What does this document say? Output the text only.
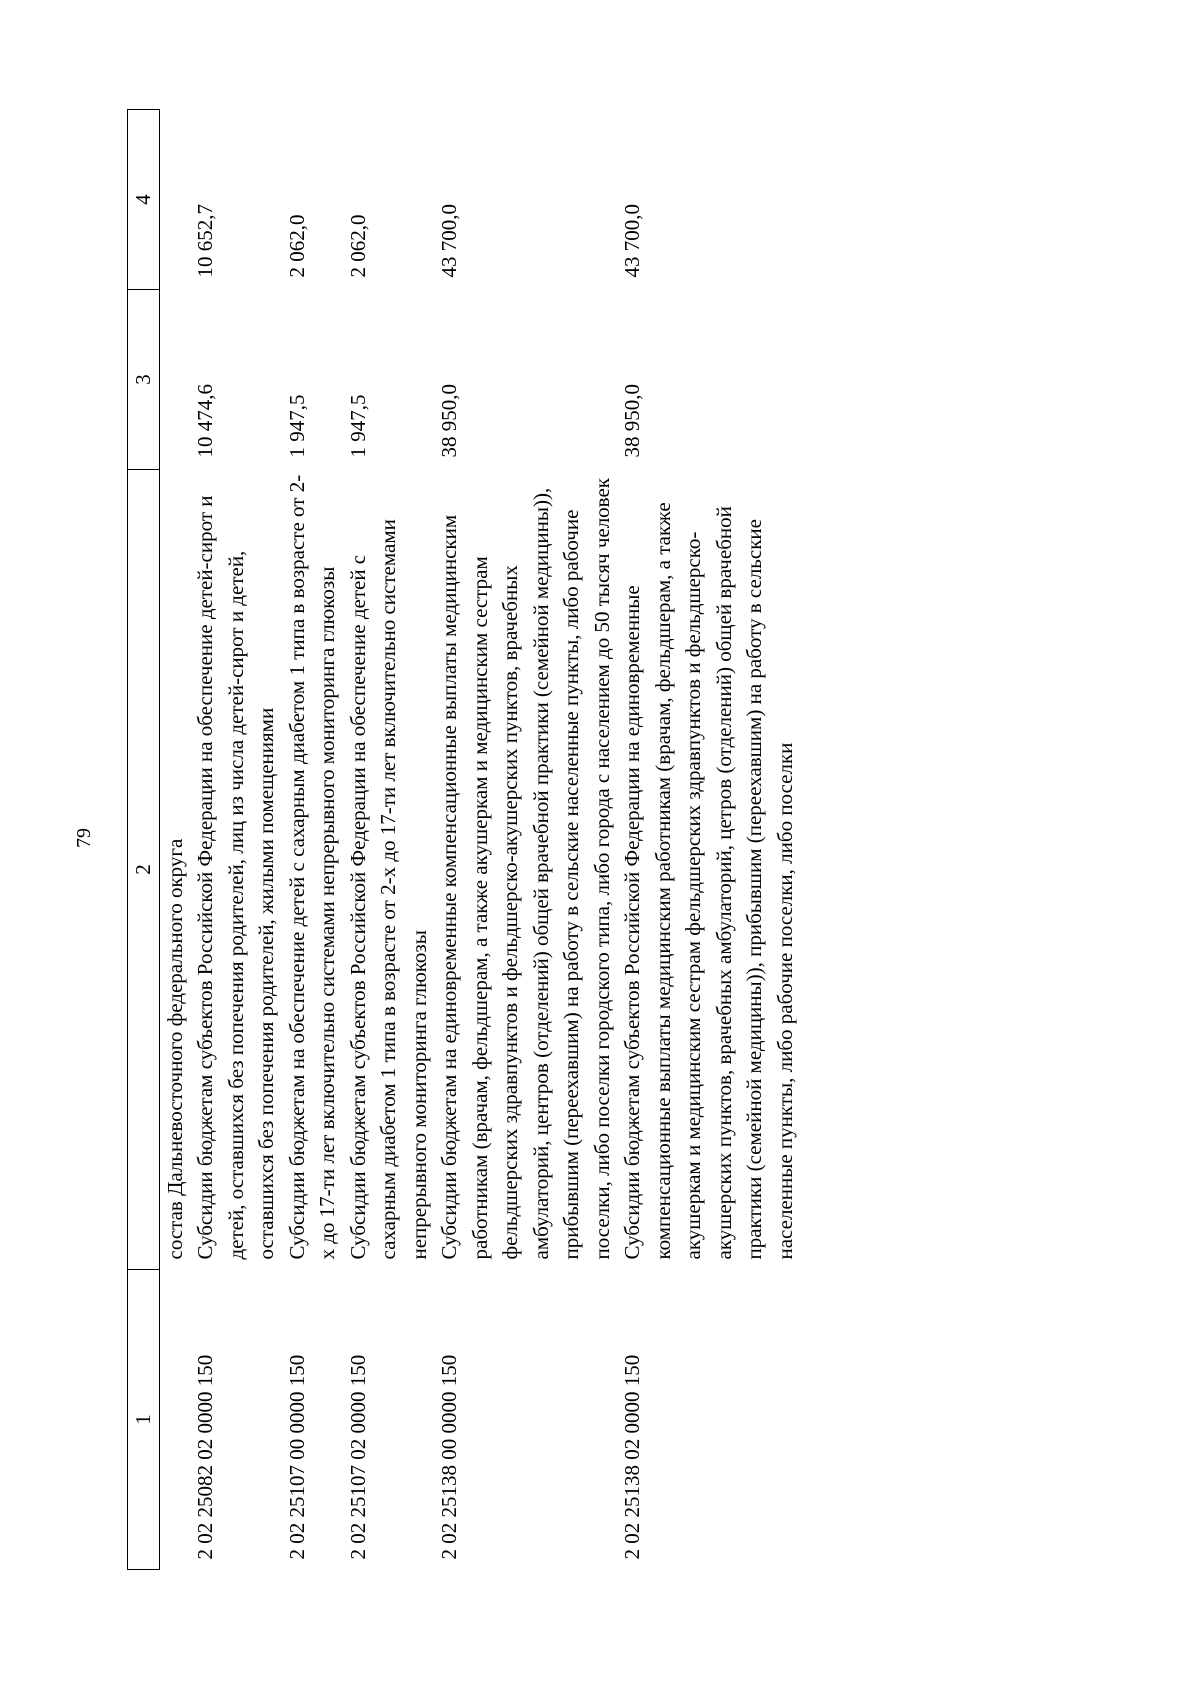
79
1	2	3	4
	состав Дальневосточного федерального округа		
2 02 25082 02 0000 150	Субсидии бюджетам субъектов Российской Федерации на обеспечение детей-сирот и детей, оставшихся без попечения родителей, лиц из числа детей-сирот и детей, оставшихся без попечения родителей, жилыми помещениями	10 474,6	10 652,7
2 02 25107 00 0000 150	Субсидии бюджетам на обеспечение детей с сахарным диабетом 1 типа в возрасте от 2-х до 17-ти лет включительно системами непрерывного мониторинга глюкозы	1 947,5	2 062,0
2 02 25107 02 0000 150	Субсидии бюджетам субъектов Российской Федерации на обеспечение детей с сахарным диабетом 1 типа в возрасте от 2-х до 17-ти лет включительно системами непрерывного мониторинга глюкозы	1 947,5	2 062,0
2 02 25138 00 0000 150	Субсидии бюджетам на единовременные компенсационные выплаты медицинским работникам (врачам, фельдшерам, а также акушеркам и медицинским сестрам фельдшерских здравпунктов и фельдшерско-акушерских пунктов, врачебных амбулаторий, центров (отделений) общей врачебной практики (семейной медицины)), прибывшим (переехавшим) на работу в сельские населенные пункты, либо рабочие поселки, либо поселки городского типа, либо города с населением до 50 тысяч человек	38 950,0	43 700,0
2 02 25138 02 0000 150	Субсидии бюджетам субъектов Российской Федерации на единовременные компенсационные выплаты медицинским работникам (врачам, фельдшерам, а также акушеркам и медицинским сестрам фельдшерских здравпунктов и фельдшерско-акушерских пунктов, врачебных амбулаторий, цетров (отделений) общей врачебной практики (семейной медицины)), прибывшим (переехавшим) на работу в сельские населенные пункты, либо рабочие поселки, либо поселки	38 950,0	43 700,0
